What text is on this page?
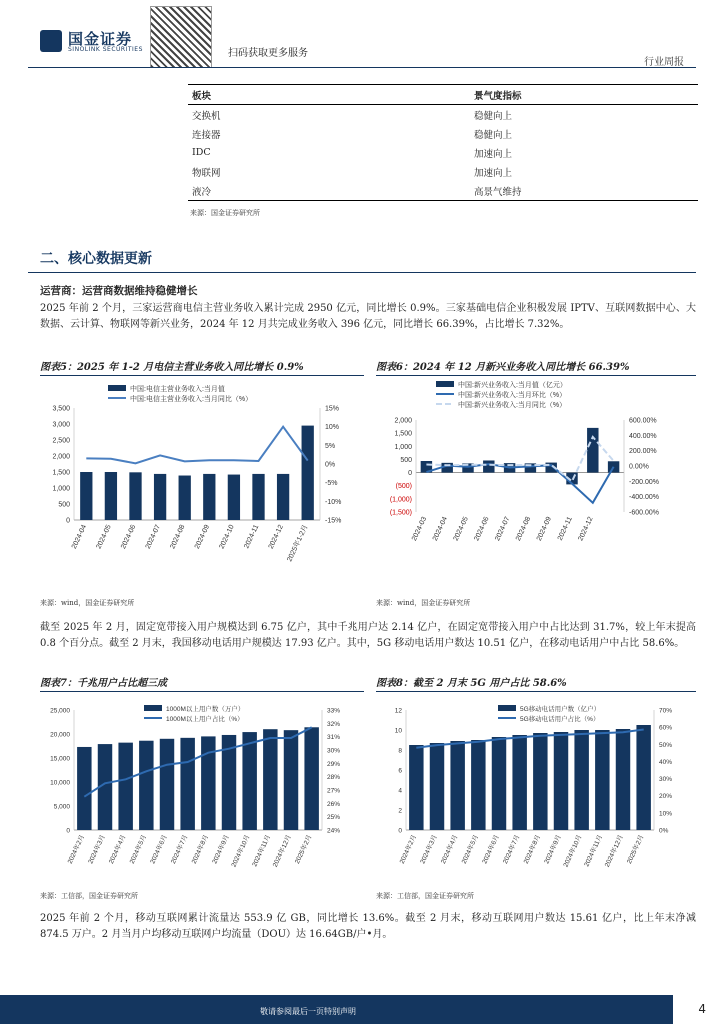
国金证券
SINOLINK SECURITIES	扫码获取更多服务
行业周报
板块	景气度指标
交换机	稳健向上
连接器	稳健向上
IDC	加速向上
物联网	加速向上
液冷	高景气维持
来源：国金证券研究所
二、核心数据更新
运营商：运营商数据维持稳健增长
2025 年前 2 个月，三家运营商电信主营业务收入累计完成 2950 亿元，同比增长 0.9%。三家基础电信企业积极发展 IPTV、互联网数据中心、大数据、云计算、物联网等新兴业务，2024 年 12 月共完成业务收入 396 亿元，同比增长 66.39%，占比增长 7.32%。
图表5：2025 年 1-2 月电信主营业务收入同比增长 0.9%	图表6：2024 年 12 月新兴业务收入同比增长 66.39%
3,500
3,000
2,500
2,000
1,500
1,000
500
0
15%
10%
5%
0%
-5%
-10%
-15%
2024-04 2024-05 2024-06 2024-07 2024-08 2024-09 2024-10 2024-11 2024-12 2025年1-2月
中国:电信主营业务收入:当月值
中国:电信主营业务收入:当月同比（%）
2,000
1,500
1,000
500
0
(500)
(1,000)
(1,500)
600.00%
400.00%
200.00%
0.00%
-200.00%
-400.00%
-600.00%
2024-03 2024-04 2024-05 2024-06 2024-07 2024-08 2024-09 2024-11 2024-12
中国:新兴业务收入:当月值（亿元）
中国:新兴业务收入:当月环比（%）
中国:新兴业务收入:当月同比（%）
来源：wind，国金证券研究所	来源：wind，国金证券研究所
截至 2025 年 2 月，固定宽带接入用户规模达到 6.75 亿户，其中千兆用户达 2.14 亿户，在固定宽带接入用户中占比达到 31.7%，较上年末提高 0.8 个百分点。截至 2 月末，我国移动电话用户规模达 17.93 亿户。其中，5G 移动电话用户数达 10.51 亿户，在移动电话用户中占比 58.6%。
图表7：千兆用户占比超三成	图表8：截至 2 月末 5G 用户占比 58.6%
25,000
20,000
15,000
10,000
5,000
0
33%
32%
31%
30%
29%
28%
27%
26%
25%
24%
2024年2月 2024年3月 2024年4月 2024年5月 2024年6月 2024年7月 2024年8月 2024年9月 2024年10月 2024年11月 2024年12月 2025年2月
1000M以上用户数（万户）
1000M以上用户占比（%）
12
10
8
6
4
2
0
70%
60%
50%
40%
30%
20%
10%
0%
2024年2月 2024年3月 2024年4月 2024年5月 2024年6月 2024年7月 2024年8月 2024年9月 2024年10月 2024年11月 2024年12月 2025年2月
5G移动电话用户数（亿户）
5G移动电话用户占比（%）
来源：工信部，国金证券研究所	来源：工信部，国金证券研究所
2025 年前 2 个月，移动互联网累计流量达 553.9 亿 GB，同比增长 13.6%。截至 2 月末，移动互联网用户数达 15.61 亿户，比上年末净减 874.5 万户。2 月当月户均移动互联网户均流量（DOU）达 16.64GB/户•月。
敬请参阅最后一页特别声明	4
